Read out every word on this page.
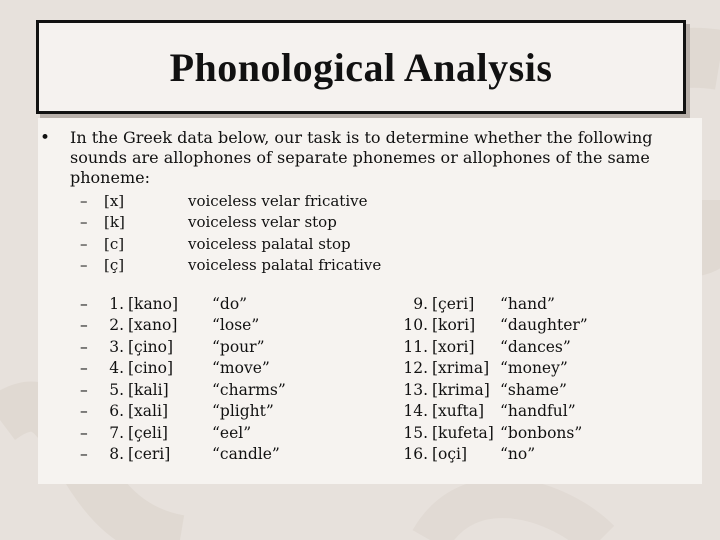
Phonological Analysis
• In the Greek data below, our task is to determine whether the following sounds are allophones of separate phonemes or allophones of the same phoneme:
–	[x]	voiceless velar fricative
–	[k]	voiceless velar stop
–	[c]	voiceless palatal stop
–	[ç]	voiceless palatal fricative
–	1. [kano]	“do”
–	2. [xano]	“lose”
–	3. [çino]	“pour”
–	4. [cino]	“move”
–	5. [kali]	“charms”
–	6. [xali]	“plight”
–	7. [çeli]	“eel”
–	8. [ceri]	“candle”
9. [çeri]	“hand”
10. [kori]	“daughter”
11. [xori]	“dances”
12. [xrima] “money”
13. [krima] “shame”
14. [xufta]	“handful”
15. [kufeta] “bonbons”
16. [oçi]	“no”
